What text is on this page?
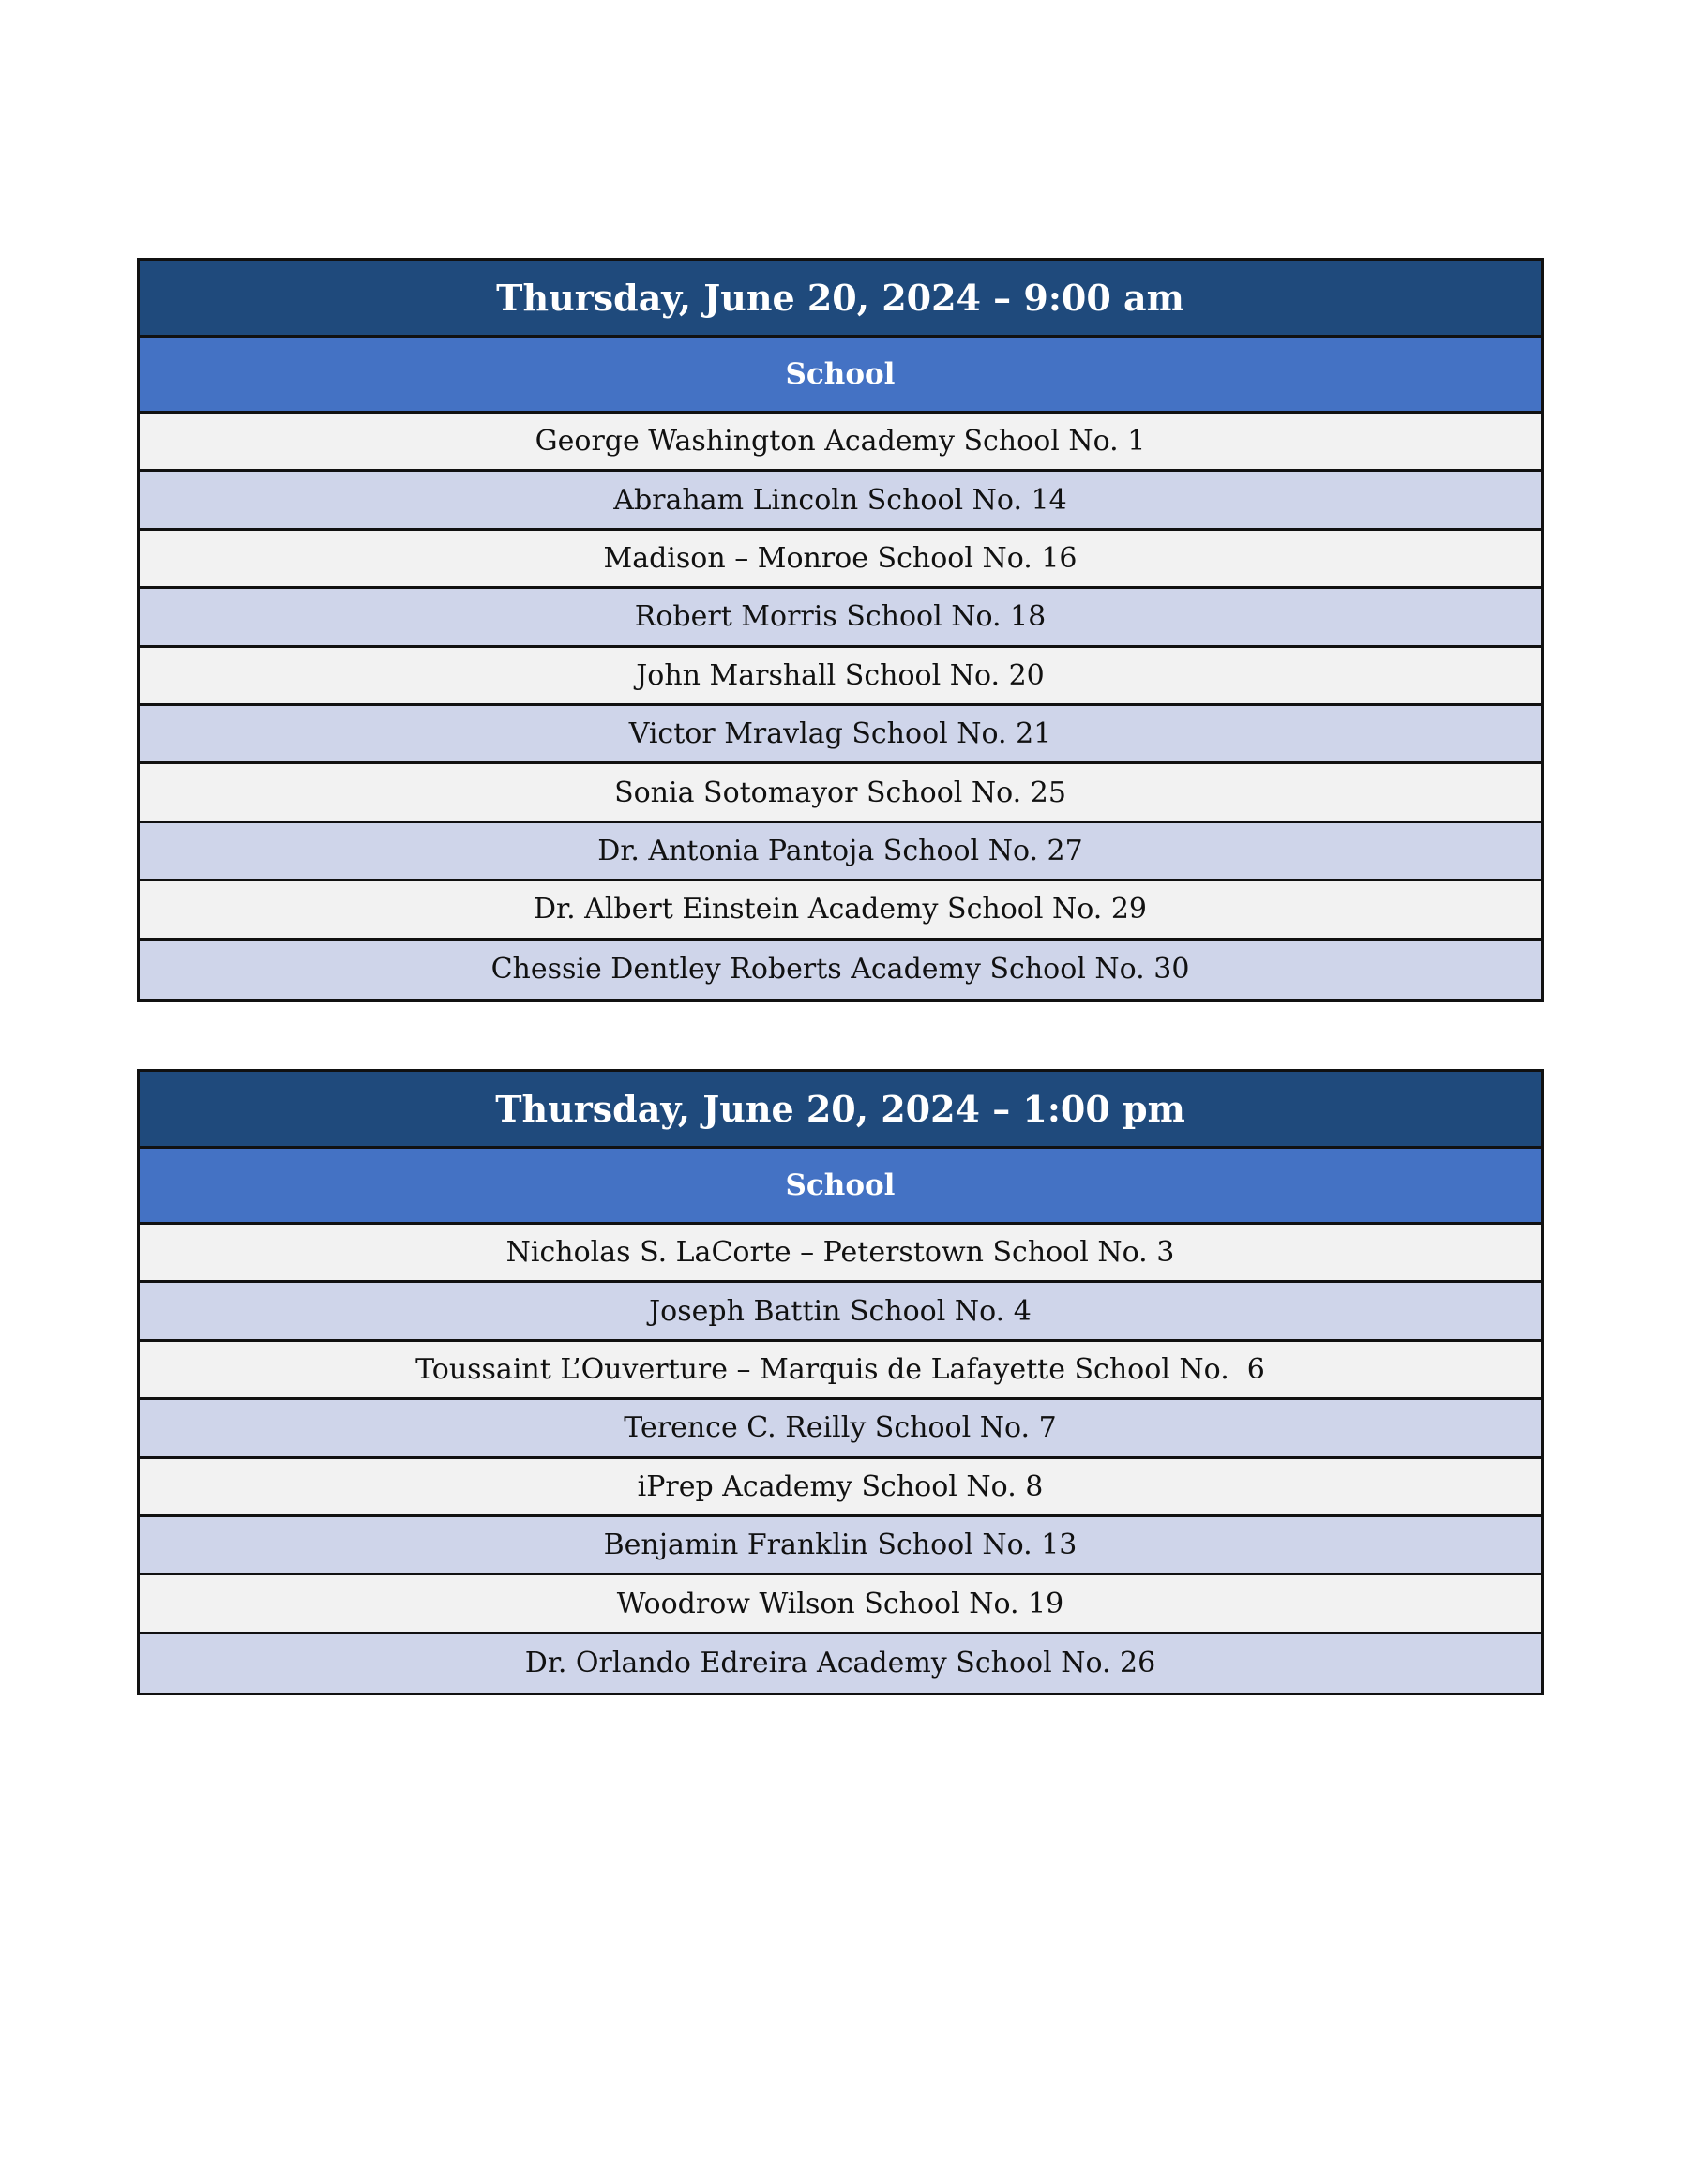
Thursday, June 20, 2024 – 9:00 am
School
George Washington Academy School No. 1
Abraham Lincoln School No. 14
Madison – Monroe School No. 16
Robert Morris School No. 18
John Marshall School No. 20
Victor Mravlag School No. 21
Sonia Sotomayor School No. 25
Dr. Antonia Pantoja School No. 27
Dr. Albert Einstein Academy School No. 29
Chessie Dentley Roberts Academy School No. 30
Thursday, June 20, 2024 – 1:00 pm
School
Nicholas S. LaCorte – Peterstown School No. 3
Joseph Battin School No. 4
Toussaint L’Ouverture – Marquis de Lafayette School No.  6
Terence C. Reilly School No. 7
iPrep Academy School No. 8
Benjamin Franklin School No. 13
Woodrow Wilson School No. 19
Dr. Orlando Edreira Academy School No. 26
